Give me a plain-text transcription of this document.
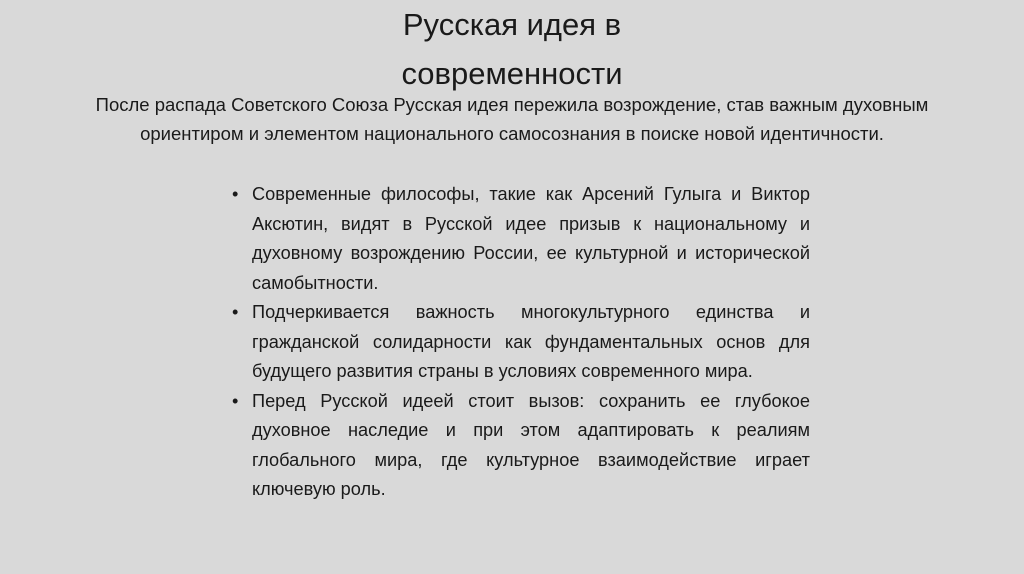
Русская идея в
современности

После распада Советского Союза Русская идея пережила возрождение, став важным духовным ориентиром и элементом национального самосознания в поиске новой идентичности.

• Современные философы, такие как Арсений Гулыга и Виктор Аксютин, видят в Русской идее призыв к национальному и духовному возрождению России, ее культурной и исторической самобытности.
• Подчеркивается важность многокультурного единства и гражданской солидарности как фундаментальных основ для будущего развития страны в условиях современного мира.
• Перед Русской идеей стоит вызов: сохранить ее глубокое духовное наследие и при этом адаптировать к реалиям глобального мира, где культурное взаимодействие играет ключевую роль.
